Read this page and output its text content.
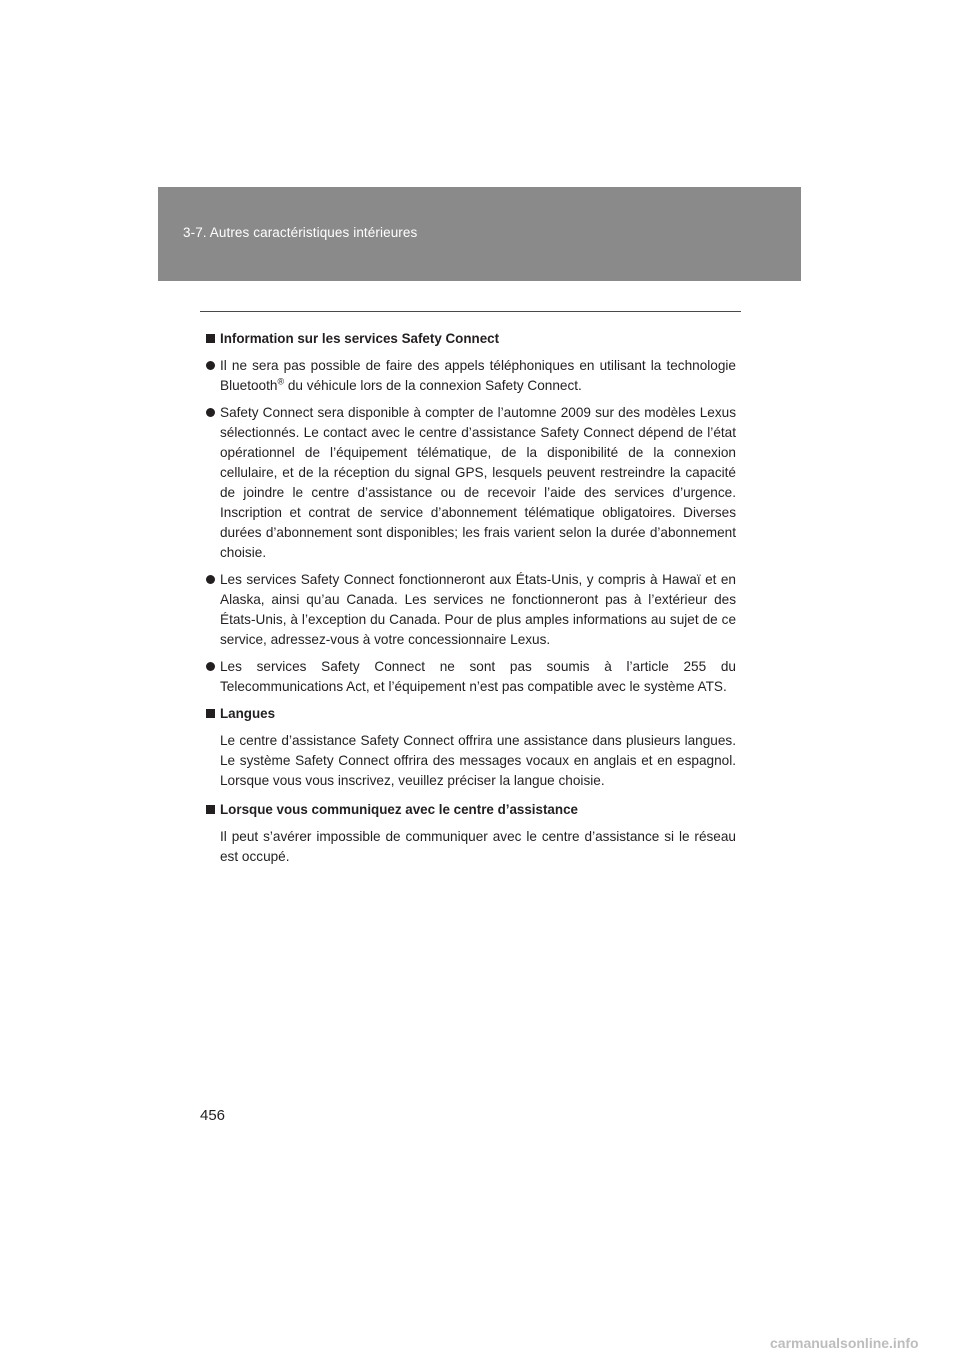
3-7. Autres caractéristiques intérieures
Information sur les services Safety Connect
Il ne sera pas possible de faire des appels téléphoniques en utilisant la technologie Bluetooth® du véhicule lors de la connexion Safety Connect.
Safety Connect sera disponible à compter de l’automne 2009 sur des modèles Lexus sélectionnés. Le contact avec le centre d’assistance Safety Connect dépend de l’état opérationnel de l’équipement télématique, de la disponibilité de la connexion cellulaire, et de la réception du signal GPS, lesquels peuvent restreindre la capacité de joindre le centre d’assistance ou de recevoir l’aide des services d’urgence. Inscription et contrat de service d’abonnement télématique obligatoires. Diverses durées d’abonnement sont disponibles; les frais varient selon la durée d’abonnement choisie.
Les services Safety Connect fonctionneront aux États-Unis, y compris à Hawaï et en Alaska, ainsi qu’au Canada. Les services ne fonctionneront pas à l’extérieur des États-Unis, à l’exception du Canada. Pour de plus amples informations au sujet de ce service, adressez-vous à votre concessionnaire Lexus.
Les services Safety Connect ne sont pas soumis à l’article 255 du Telecommunications Act, et l’équipement n’est pas compatible avec le système ATS.
Langues

Le centre d’assistance Safety Connect offrira une assistance dans plusieurs langues. Le système Safety Connect offrira des messages vocaux en anglais et en espagnol. Lorsque vous vous inscrivez, veuillez préciser la langue choisie.

Lorsque vous communiquez avec le centre d’assistance

Il peut s’avérer impossible de communiquer avec le centre d’assistance si le réseau est occupé.

456
carmanualsonline.info
